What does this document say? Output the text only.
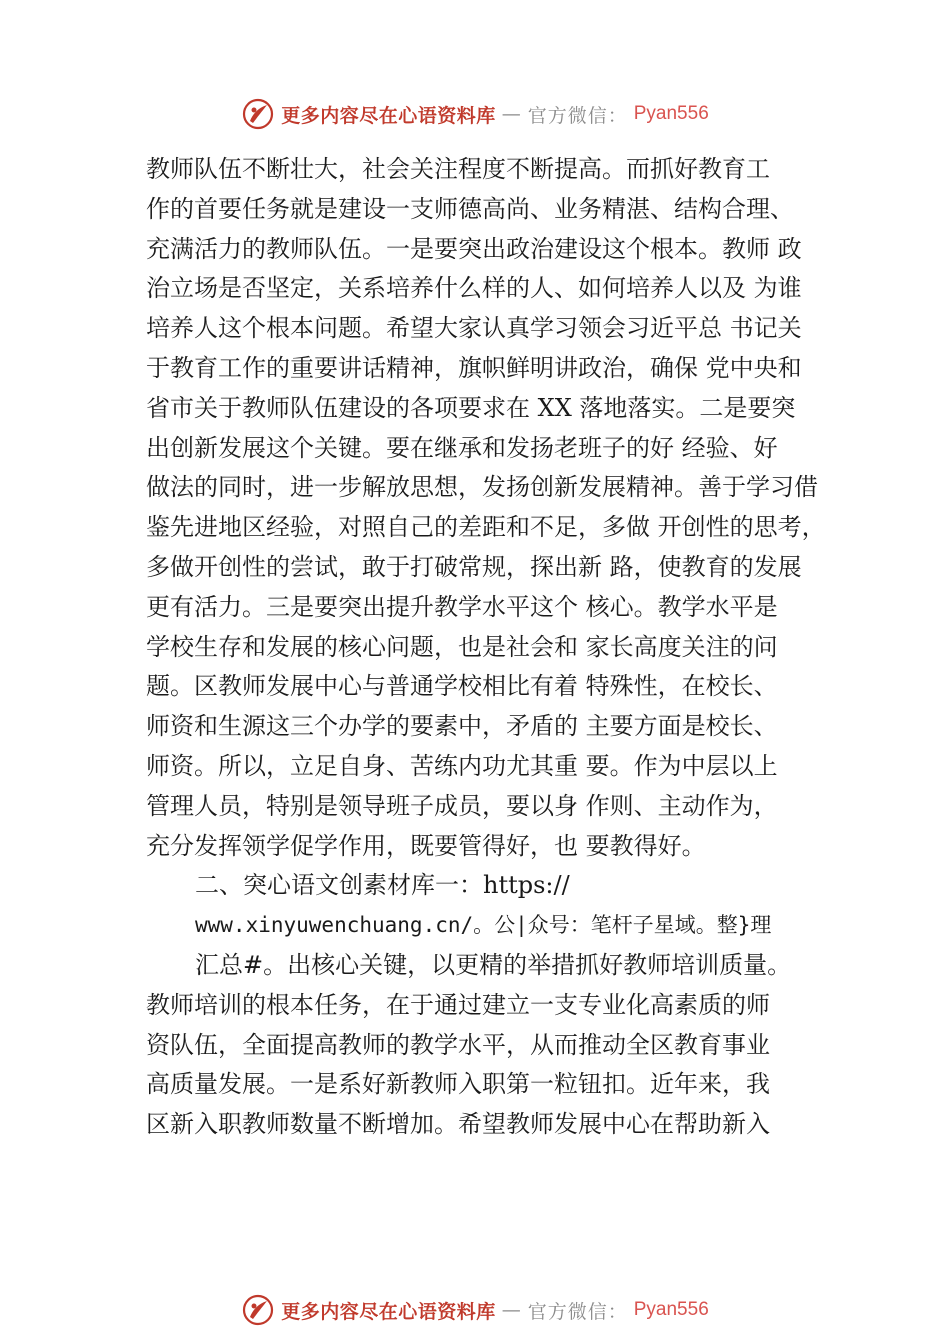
更多内容尽在心语资料库 — 官方微信： Pyan556
教师队伍不断壮大，社会关注程度不断提高。而抓好教育工
作的首要任务就是建设一支师德高尚、业务精湛、结构合理、
充满活力的教师队伍。一是要突出政治建设这个根本。教师 政
治立场是否坚定，关系培养什么样的人、如何培养人以及 为谁
培养人这个根本问题。希望大家认真学习领会习近平总 书记关
于教育工作的重要讲话精神，旗帜鲜明讲政治，确保 党中央和
省市关于教师队伍建设的各项要求在 XX 落地落实。二是要突
出创新发展这个关键。要在继承和发扬老班子的好 经验、好
做法的同时，进一步解放思想，发扬创新发展精神。善于学习借
鉴先进地区经验，对照自己的差距和不足，多做 开创性的思考，
多做开创性的尝试，敢于打破常规，探出新 路，使教育的发展
更有活力。三是要突出提升教学水平这个 核心。教学水平是
学校生存和发展的核心问题，也是社会和 家长高度关注的问
题。区教师发展中心与普通学校相比有着 特殊性，在校长、
师资和生源这三个办学的要素中，矛盾的 主要方面是校长、
师资。所以，立足自身、苦练内功尤其重 要。作为中层以上
管理人员，特别是领导班子成员，要以身 作则、主动作为，
充分发挥领学促学作用，既要管得好，也 要教得好。
二、突心语文创素材库一：https://
www.xinyuwenchuang.cn/。公|众号：笔杆子星域。整}理
汇总#。出核心关键，以更精的举措抓好教师培训质量。
教师培训的根本任务，在于通过建立一支专业化高素质的师
资队伍，全面提高教师的教学水平，从而推动全区教育事业
高质量发展。一是系好新教师入职第一粒钮扣。近年来，我
区新入职教师数量不断增加。希望教师发展中心在帮助新入
更多内容尽在心语资料库 — 官方微信： Pyan556
